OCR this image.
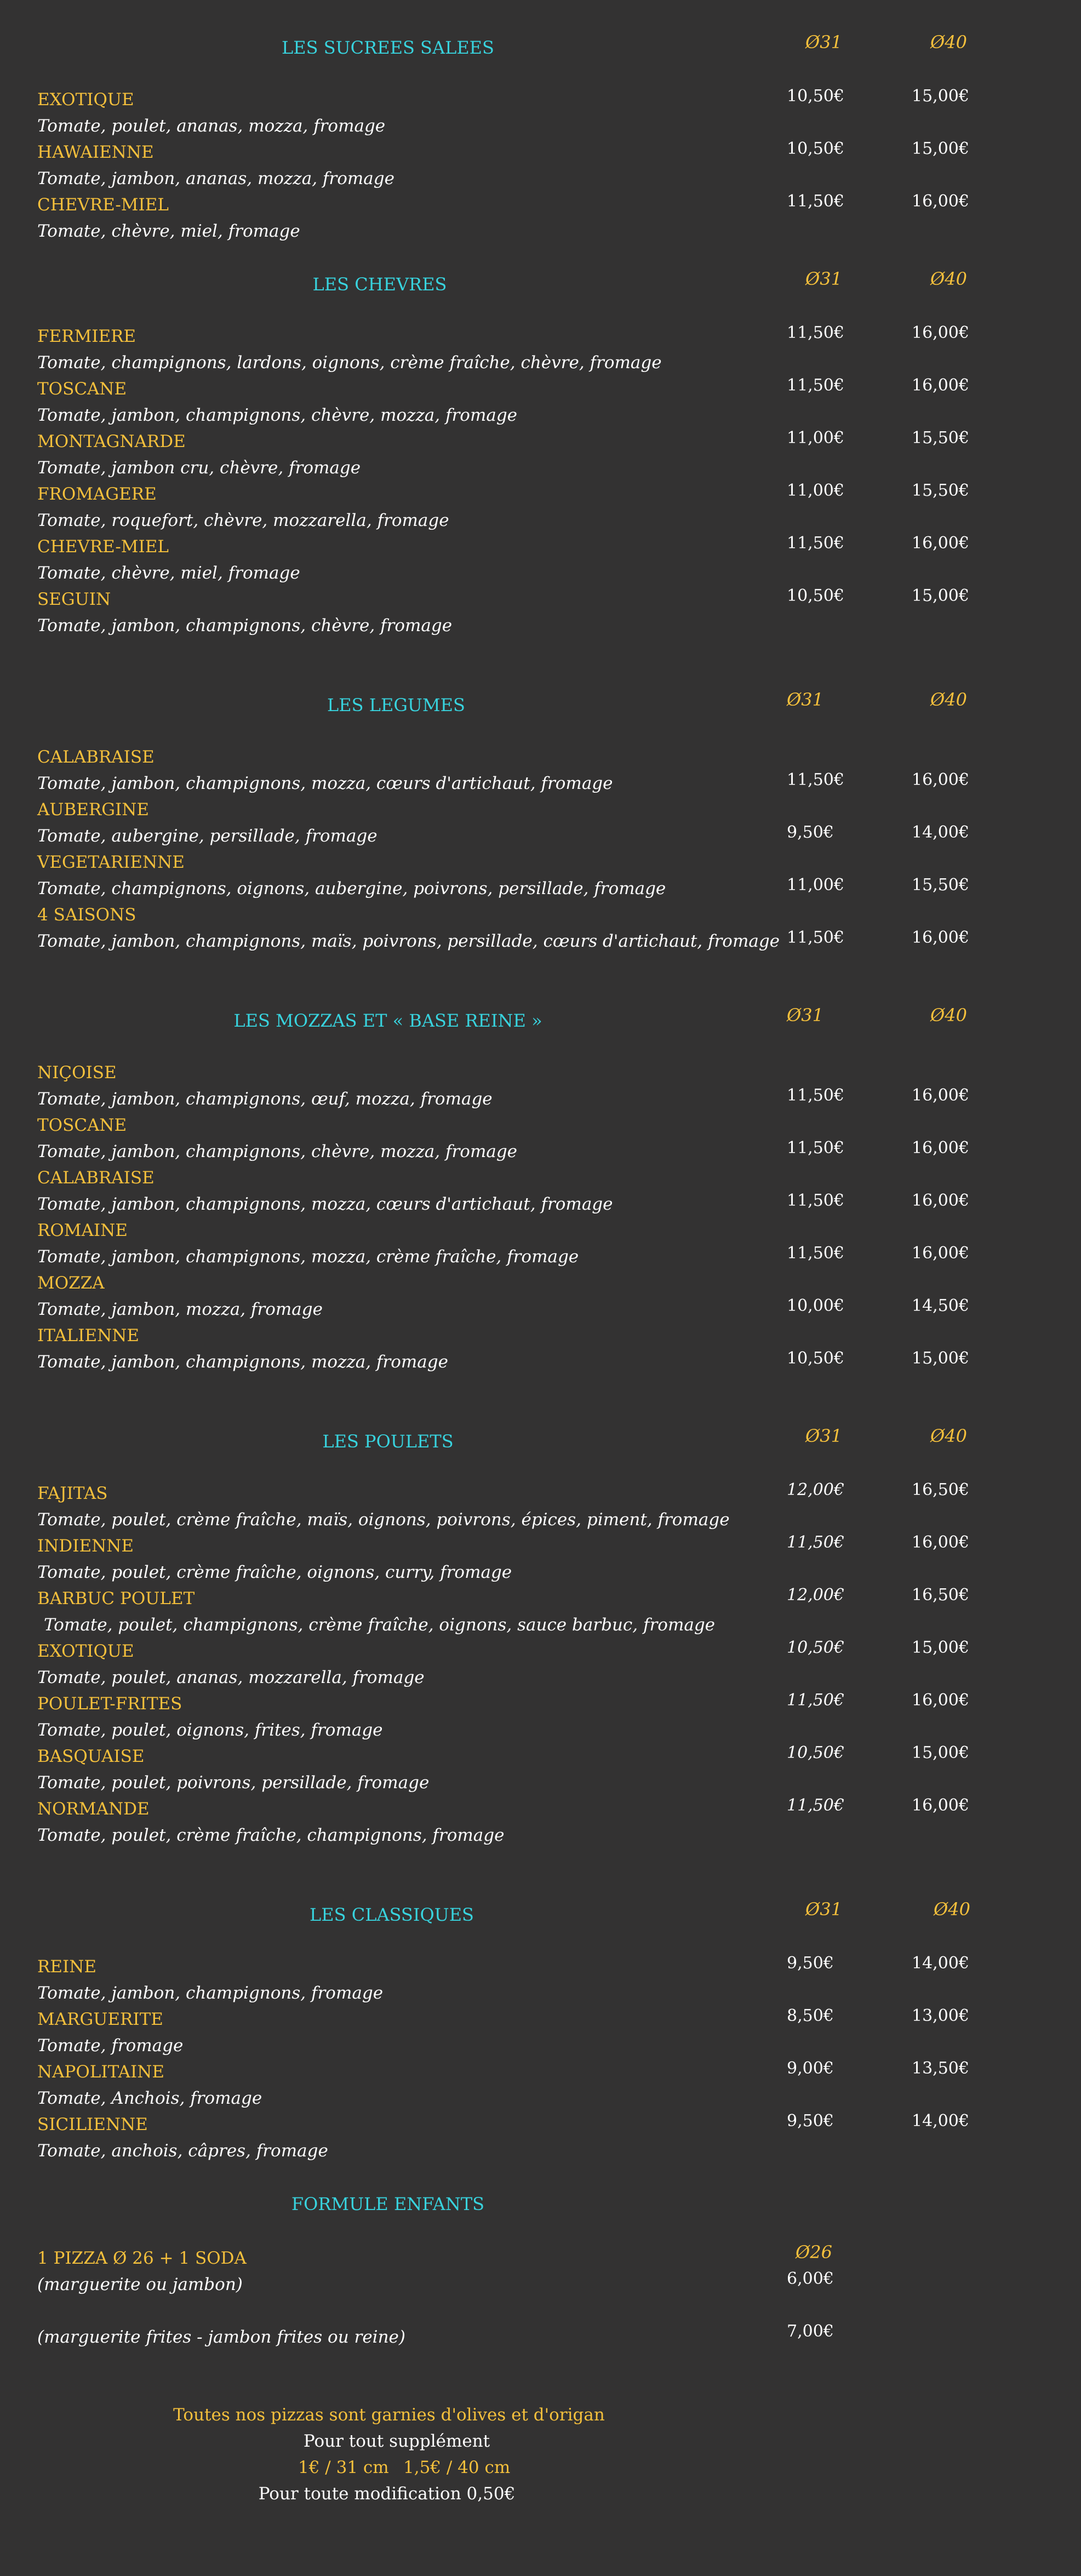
LES SUCREES SALEES	Ø31	Ø40
EXOTIQUE
Tomate, poulet, ananas, mozza, fromage
10,50€	15,00€
HAWAIENNE
Tomate, jambon, ananas, mozza, fromage
10,50€	15,00€
CHEVRE-MIEL
Tomate, chèvre, miel, fromage
11,50€	16,00€
LES CHEVRES	Ø31	Ø40
FERMIERE
Tomate, champignons, lardons, oignons, crème fraîche, chèvre, fromage
11,50€	16,00€
TOSCANE
Tomate, jambon, champignons, chèvre, mozza, fromage
11,50€	16,00€
MONTAGNARDE
Tomate, jambon cru, chèvre, fromage
11,00€	15,50€
FROMAGERE
Tomate, roquefort, chèvre, mozzarella, fromage
11,00€	15,50€
CHEVRE-MIEL
Tomate, chèvre, miel, fromage
11,50€	16,00€
SEGUIN
Tomate, jambon, champignons, chèvre, fromage
10,50€	15,00€
LES LEGUMES	Ø31	Ø40
CALABRAISE
Tomate, jambon, champignons, mozza, cœurs d'artichaut, fromage	11,50€	16,00€
AUBERGINE
Tomate, aubergine, persillade, fromage	9,50€	14,00€
VEGETARIENNE
Tomate, champignons, oignons, aubergine, poivrons, persillade, fromage	11,00€	15,50€
4 SAISONS
Tomate, jambon, champignons, maïs, poivrons, persillade, cœurs d'artichaut, fromage 11,50€	16,00€
LES MOZZAS ET « BASE REINE »	Ø31	Ø40
NIÇOISE
Tomate, jambon, champignons, œuf, mozza, fromage	11,50€	16,00€
TOSCANE
Tomate, jambon, champignons, chèvre, mozza, fromage	11,50€	16,00€
CALABRAISE
Tomate, jambon, champignons, mozza, cœurs d'artichaut, fromage	11,50€	16,00€
ROMAINE
Tomate, jambon, champignons, mozza, crème fraîche, fromage	11,50€	16,00€
MOZZA
Tomate, jambon, mozza, fromage	10,00€	14,50€
ITALIENNE
Tomate, jambon, champignons, mozza, fromage	10,50€	15,00€
LES POULETS	Ø31	Ø40
FAJITAS
Tomate, poulet, crème fraîche, maïs, oignons, poivrons, épices, piment, fromage
12,00€	16,50€
INDIENNE
Tomate, poulet, crème fraîche, oignons, curry, fromage
11,50€	16,00€
BARBUC POULET
Tomate, poulet, champignons, crème fraîche, oignons, sauce barbuc, fromage
12,00€	16,50€
EXOTIQUE
Tomate, poulet, ananas, mozzarella, fromage
10,50€	15,00€
POULET-FRITES
Tomate, poulet, oignons, frites, fromage
11,50€	16,00€
BASQUAISE
Tomate, poulet, poivrons, persillade, fromage
10,50€	15,00€
NORMANDE
Tomate, poulet, crème fraîche, champignons, fromage
11,50€	16,00€
LES CLASSIQUES	Ø31	Ø40
REINE
Tomate, jambon, champignons, fromage
9,50€	14,00€
MARGUERITE
Tomate, fromage
8,50€	13,00€
NAPOLITAINE
Tomate, Anchois, fromage
9,00€	13,50€
SICILIENNE
Tomate, anchois, câpres, fromage
9,50€	14,00€
FORMULE ENFANTS
Ø26
1 PIZZA Ø 26 + 1 SODA
(marguerite ou jambon)	6,00€
(marguerite frites - jambon frites ou reine)	7,00€
Toutes nos pizzas sont garnies d'olives et d'origan
Pour tout supplément
1€ / 31 cm 1,5€ / 40 cm
Pour toute modification 0,50€
